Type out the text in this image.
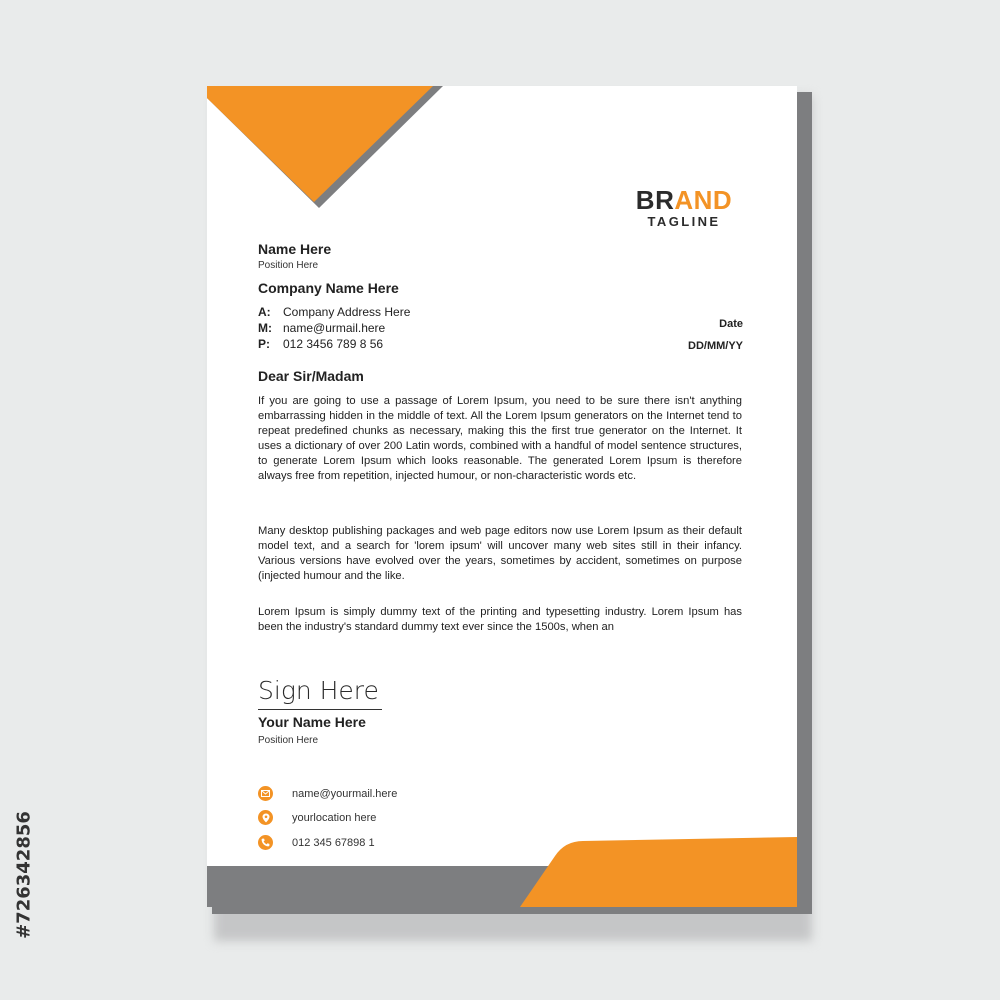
#726342856
BRAND
TAGLINE
Name Here
Position Here
Company Name Here
A:	Company Address Here
M: name@urmail.here
P:	012 3456 789 8 56
Date
DD/MM/YY
Dear Sir/Madam
If you are going to use a passage of Lorem Ipsum, you need to be sure there isn't anything embarrassing hidden in the middle of text. All the Lorem Ipsum generators on the Internet tend to repeat predefined chunks as necessary, making this the first true generator on the Internet. It uses a dictionary of over 200 Latin words, combined with a handful of model sentence structures, to generate Lorem Ipsum which looks reasonable. The generated Lorem Ipsum is therefore always free from repetition, injected humour, or non-characteristic words etc.
Many desktop publishing packages and web page editors now use Lorem Ipsum as their default model text, and a search for 'lorem ipsum' will uncover many web sites still in their infancy. Various versions have evolved over the years, sometimes by accident, sometimes on purpose (injected humour and the like.
Lorem Ipsum is simply dummy text of the printing and typesetting industry. Lorem Ipsum has been the industry's standard dummy text ever since the 1500s, when an
Sign Here
Your Name Here
Position Here
name@yourmail.here
yourlocation here
012 345 67898 1
